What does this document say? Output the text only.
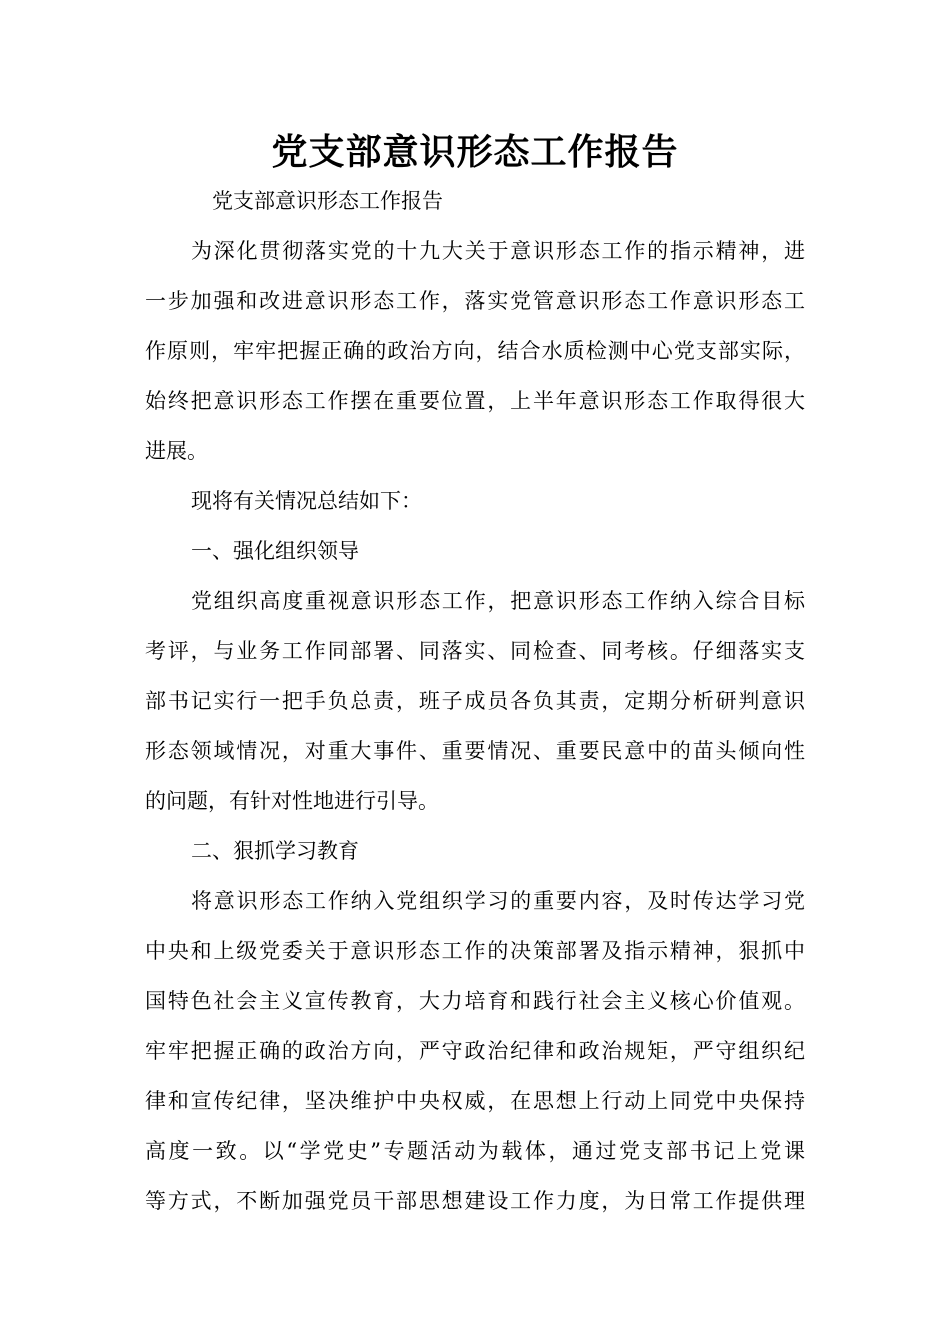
党支部意识形态工作报告

党支部意识形态工作报告

为深化贯彻落实党的十九大关于意识形态工作的指示精神，进

一步加强和改进意识形态工作，落实党管意识形态工作意识形态工

作原则，牢牢把握正确的政治方向，结合水质检测中心党支部实际，

始终把意识形态工作摆在重要位置，上半年意识形态工作取得很大

进展。

现将有关情况总结如下：

一、强化组织领导

党组织高度重视意识形态工作，把意识形态工作纳入综合目标

考评，与业务工作同部署、同落实、同检查、同考核。仔细落实支

部书记实行一把手负总责，班子成员各负其责，定期分析研判意识

形态领域情况，对重大事件、重要情况、重要民意中的苗头倾向性

的问题，有针对性地进行引导。

二、狠抓学习教育

将意识形态工作纳入党组织学习的重要内容，及时传达学习党

中央和上级党委关于意识形态工作的决策部署及指示精神，狠抓中

国特色社会主义宣传教育，大力培育和践行社会主义核心价值观。

牢牢把握正确的政治方向，严守政治纪律和政治规矩，严守组织纪

律和宣传纪律，坚决维护中央权威，在思想上行动上同党中央保持

高度一致。以“学党史”专题活动为载体，通过党支部书记上党课

等方式，不断加强党员干部思想建设工作力度，为日常工作提供理
